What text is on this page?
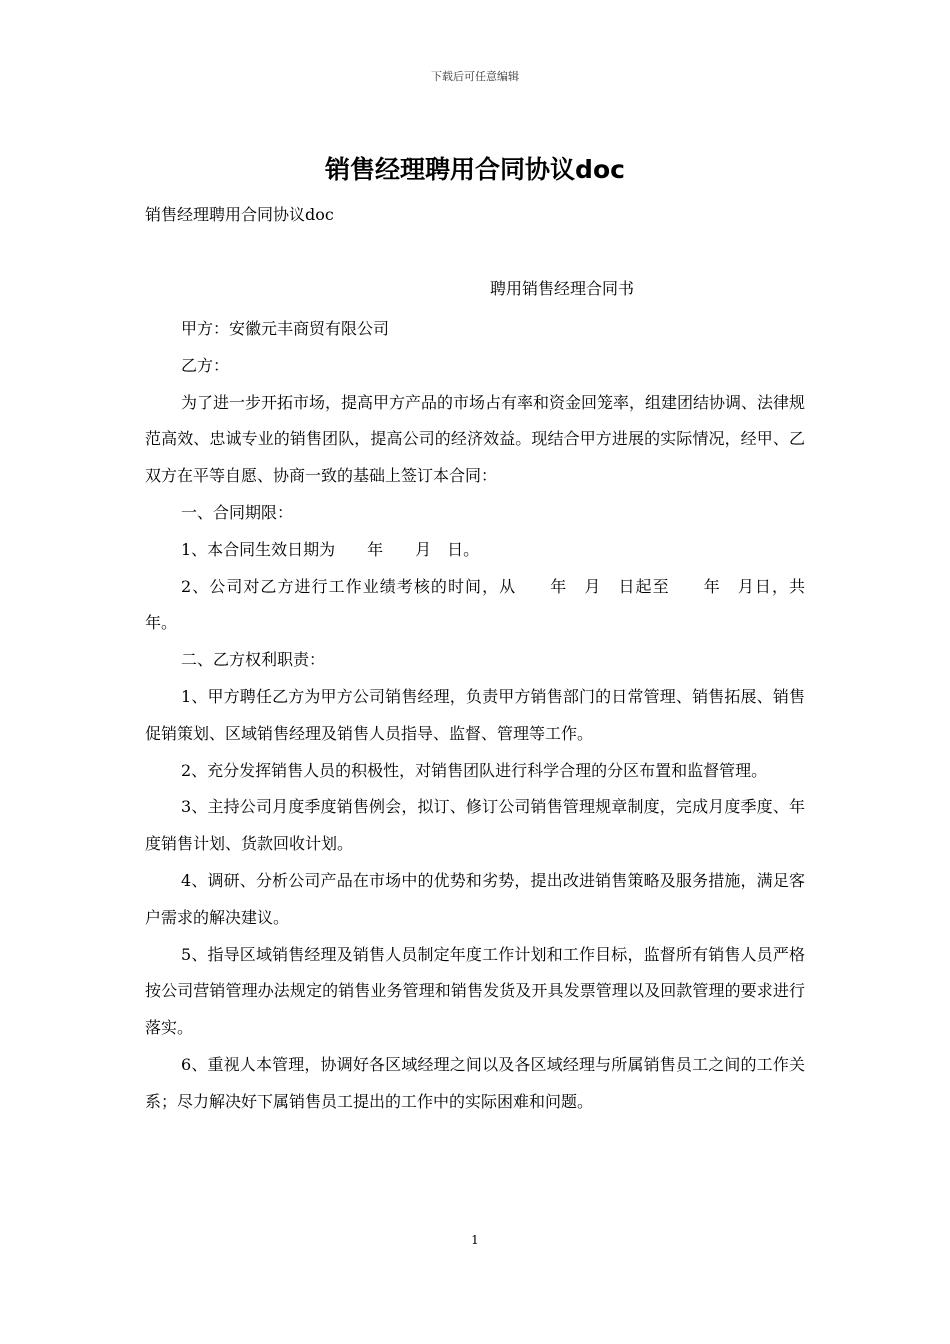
下载后可任意编辑
销售经理聘用合同协议doc
销售经理聘用合同协议doc
聘用销售经理合同书

甲方：安徽元丰商贸有限公司

乙方：

为了进一步开拓市场，提高甲方产品的市场占有率和资金回笼率，组建团结协调、法律规范高效、忠诚专业的销售团队，提高公司的经济效益。现结合甲方进展的实际情况，经甲、乙双方在平等自愿、协商一致的基础上签订本合同：

一、合同期限：

1、本合同生效日期为　　年　　月　日。

2、公司对乙方进行工作业绩考核的时间，从　　年　月　日起至　　年　月日，共　　年。

二、乙方权利职责：

1、甲方聘任乙方为甲方公司销售经理，负责甲方销售部门的日常管理、销售拓展、销售促销策划、区域销售经理及销售人员指导、监督、管理等工作。

2、充分发挥销售人员的积极性，对销售团队进行科学合理的分区布置和监督管理。

3、主持公司月度季度销售例会，拟订、修订公司销售管理规章制度，完成月度季度、年度销售计划、货款回收计划。

4、调研、分析公司产品在市场中的优势和劣势，提出改进销售策略及服务措施，满足客户需求的解决建议。

5、指导区域销售经理及销售人员制定年度工作计划和工作目标，监督所有销售人员严格按公司营销管理办法规定的销售业务管理和销售发货及开具发票管理以及回款管理的要求进行落实。

6、重视人本管理，协调好各区域经理之间以及各区域经理与所属销售员工之间的工作关系；尽力解决好下属销售员工提出的工作中的实际困难和问题。

1
